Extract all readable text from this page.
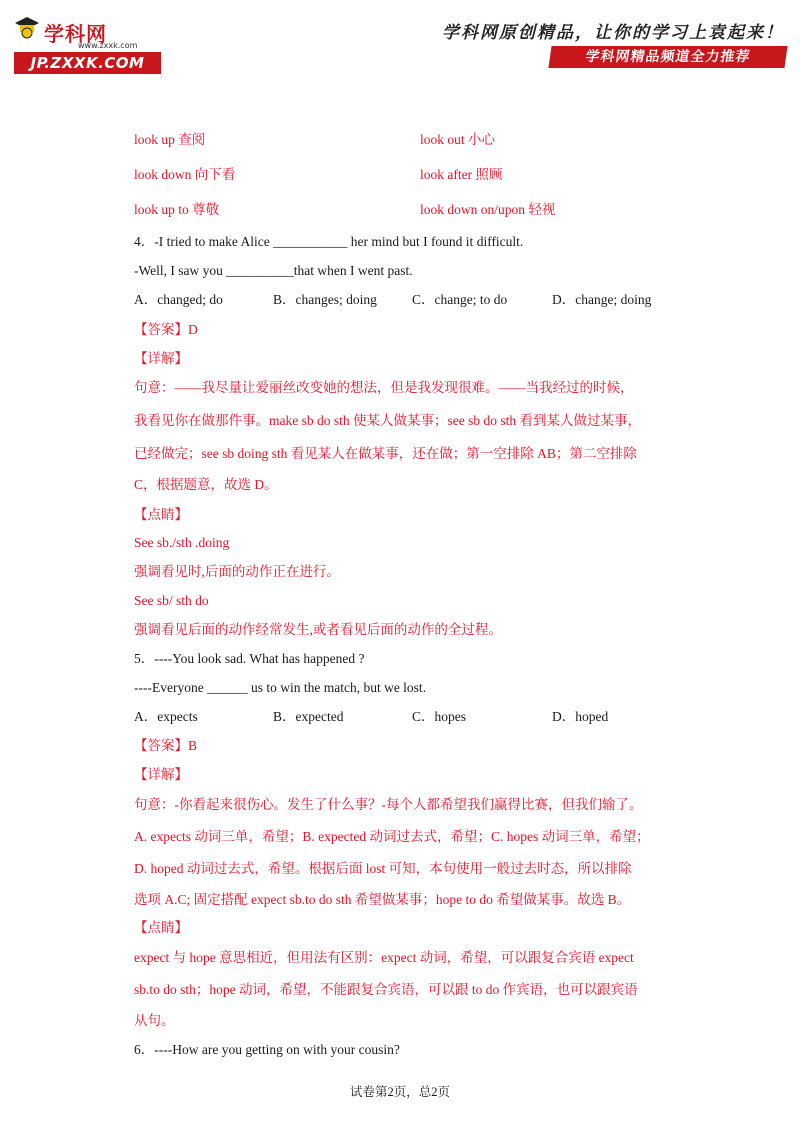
学科网
www.zxxk.com
JP.ZXXK.COM
学科网原创精品，让你的学习上袁起来！
学科网精品频道全力推荐
look up 查阅	look out 小心
look down 向下看	look after 照顾
look up to 尊敬	look down on/upon 轻视
4．-I tried to make Alice ___________ her mind but I found it difficult.
-Well, I saw you __________that when I went past.
A．changed; do	B．changes; doing	C．change; to do	D．change; doing
【答案】D
【详解】
句意：——我尽量让爱丽丝改变她的想法，但是我发现很难。——当我经过的时候，
我看见你在做那件事。make sb do sth 使某人做某事；see sb do sth 看到某人做过某事，
已经做完；see sb doing sth 看见某人在做某事，还在做；第一空排除 AB；第二空排除
C，根据题意，故选 D。
【点睛】
See sb./sth .doing
强调看见时,后面的动作正在进行。
See sb/ sth do
强调看见后面的动作经常发生,或者看见后面的动作的全过程。
5．----You look sad. What has happened ?
----Everyone ______ us to win the match, but we lost.
A．expects	B．expected	C．hopes	D．hoped
【答案】B
【详解】
句意：-你看起来很伤心。发生了什么事？-每个人都希望我们赢得比赛，但我们输了。
A. expects 动词三单，希望；B. expected 动词过去式，希望；C. hopes 动词三单，希望；
D. hoped 动词过去式，希望。根据后面 lost 可知，本句使用一般过去时态，所以排除
选项 A.C; 固定搭配 expect sb.to do sth 希望做某事；hope to do 希望做某事。故选 B。
【点睛】
expect 与 hope 意思相近，但用法有区别：expect 动词，希望，可以跟复合宾语 expect
sb.to do sth；hope 动词，希望，不能跟复合宾语，可以跟 to do 作宾语，也可以跟宾语
从句。
6．----How are you getting on with your cousin?
试卷第2页，总2页
